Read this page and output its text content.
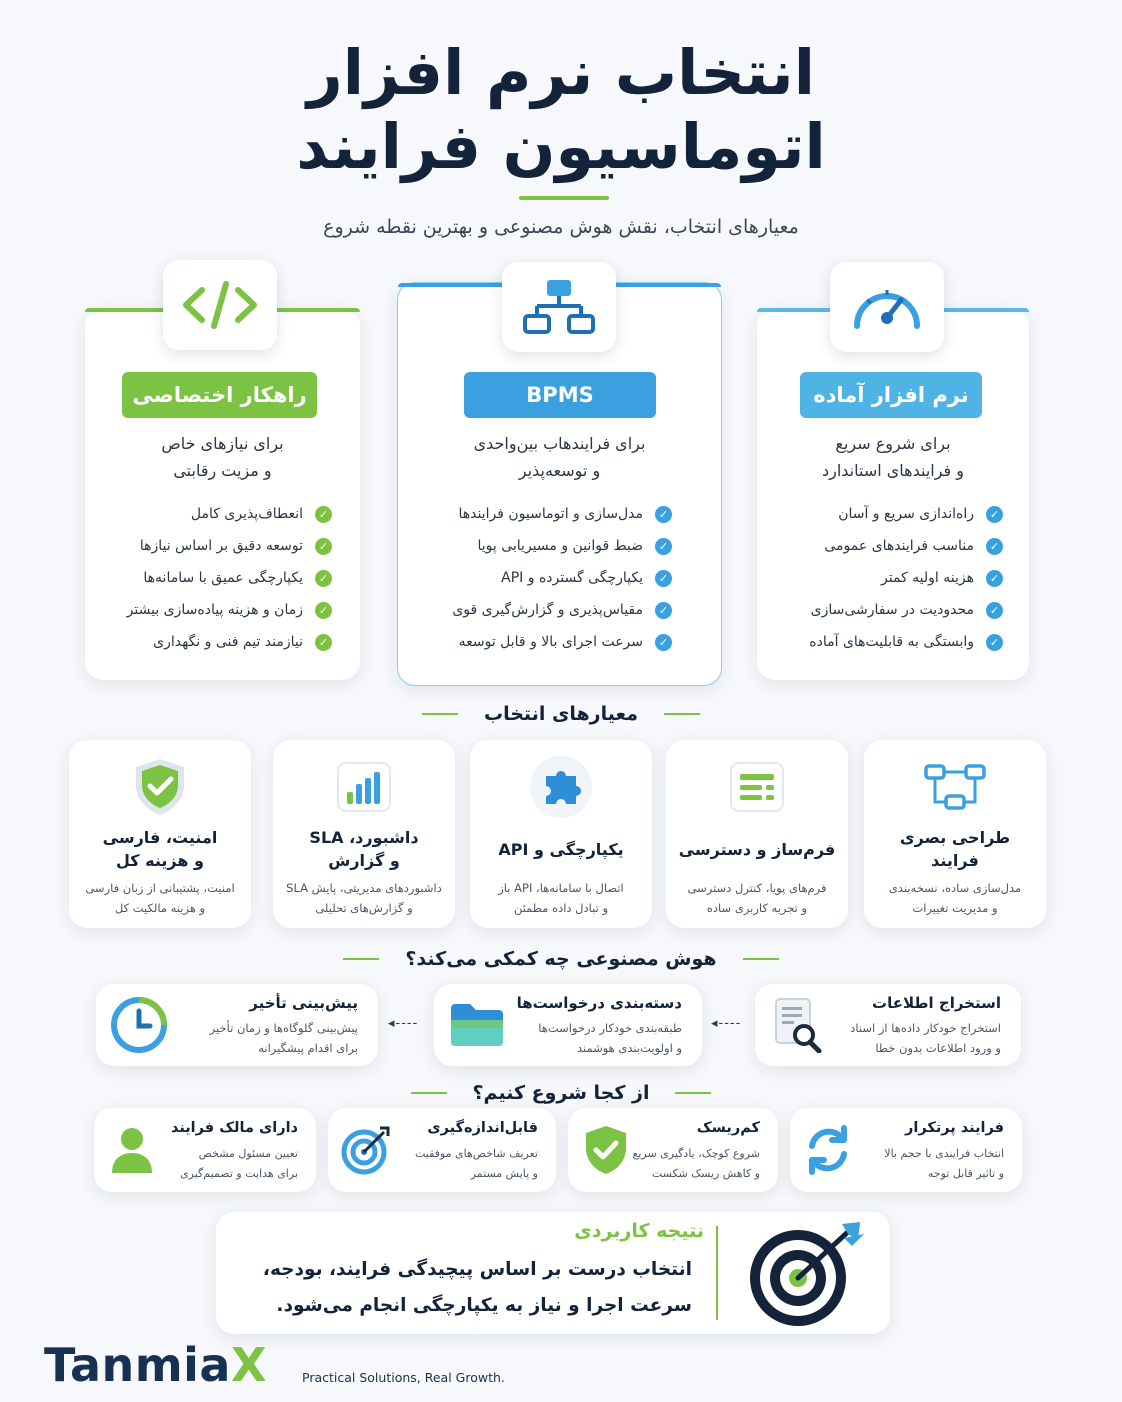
انتخاب نرم افزار
اتوماسیون فرایند
معیارهای انتخاب، نقش هوش مصنوعی و بهترین نقطه شروع
نرم افزار آماده
برای شروع سریع
و فرایندهای استاندارد
✓
راه‌اندازی سریع و آسان
✓
مناسب فرایندهای عمومی
✓
هزینه اولیه کمتر
✓
محدودیت در سفارشی‌سازی
✓
وابستگی به قابلیت‌های آماده
BPMS
برای فرایندهاب بین‌واحدی
و توسعه‌پذیر
✓
مدل‌سازی و اتوماسیون فرایندها
✓
ضبط قوانین و مسیریابی پویا
✓
یکپارچگی گسترده و API
✓
مقیاس‌پذیری و گزارش‌گیری قوی
✓
سرعت اجرای بالا و قابل توسعه
راهکار اختصاصی
برای نیازهای خاص
و مزیت رقابتی
✓
انعطاف‌پذیری کامل
✓
توسعه دقیق بر اساس نیازها
✓
یکپارچگی عمیق با سامانه‌ها
✓
زمان و هزینه پیاده‌سازی بیشتر
✓
نیازمند تیم فنی و نگهداری
معیارهای انتخاب
طراحی بصری
فرایند
مدل‌سازی ساده، نسخه‌بندی
و مدیریت تغییرات
فرم‌ساز و دسترسی
فرم‌های پویا، کنترل دسترسی
و تجربه کاربری ساده
یکپارچگی و API
اتصال با سامانه‌ها، API باز
و تبادل داده مطمئن
داشبورد، SLA
و گزارش
داشبوردهای مدیریتی، پایش SLA
و گزارش‌های تحلیلی
امنیت، فارسی
و هزینه کل
امنیت، پشتیبانی از زبان فارسی
و هزینه مالکیت کل
هوش مصنوعی چه کمکی می‌کند؟
استخراج اطلاعات
استخراج خودکار داده‌ها از اسناد
و ورود اطلاعات بدون خطا
◂----
دسته‌بندی درخواست‌ها
طبقه‌بندی خودکار درخواست‌ها
و اولویت‌بندی هوشمند
◂----
پیش‌بینی تأخیر
پیش‌بینی گلوگاه‌ها و زمان تأخیر
برای اقدام پیشگیرانه
از کجا شروع کنیم؟
فرایند پرتکرار
انتخاب فرایندی با حجم بالا
و تاثیر قابل توجه
کم‌ریسک
شروع کوچک، یادگیری سریع
و کاهش ریسک شکست
قابل‌اندازه‌گیری
تعریف شاخص‌های موفقیت
و پایش مستمر
دارای مالک فرایند
تعیین مسئول مشخص
برای هدایت و تصمیم‌گیری
نتیجه کاربردی
انتخاب درست بر اساس پیچیدگی فرایند، بودجه،
سرعت اجرا و نیاز به یکپارچگی انجام می‌شود.
TanmiaX	Practical Solutions, Real Growth.
